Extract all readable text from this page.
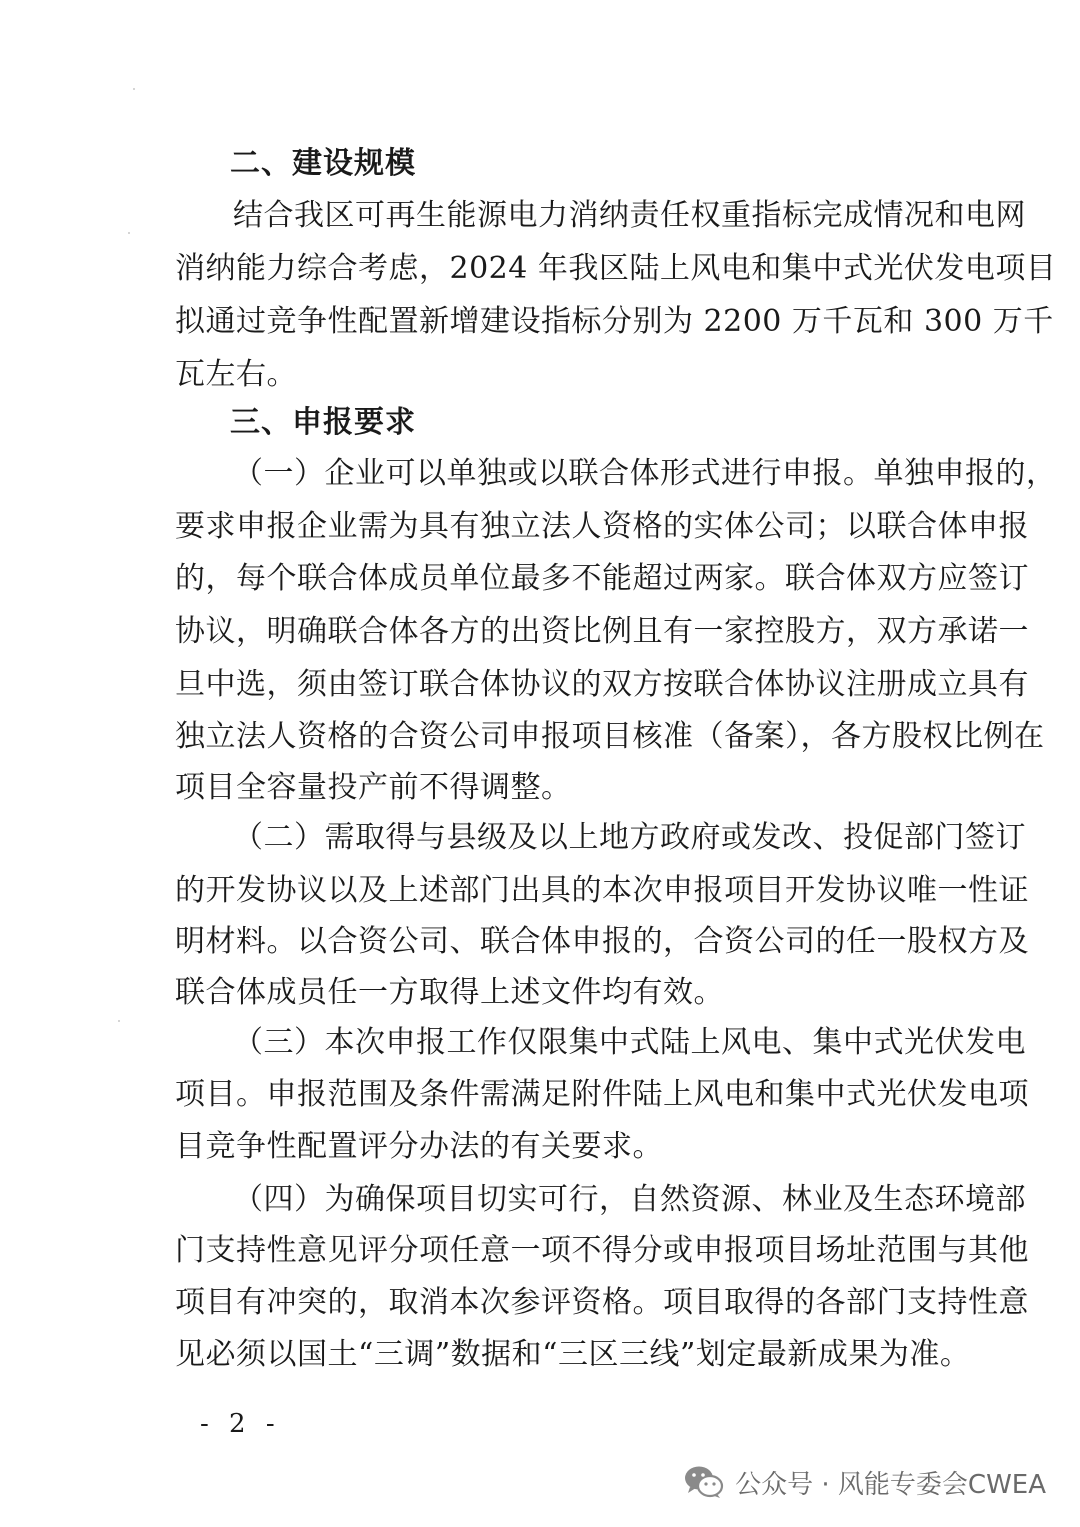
二、建设规模
结合我区可再生能源电力消纳责任权重指标完成情况和电网
消纳能力综合考虑，2024 年我区陆上风电和集中式光伏发电项目
拟通过竞争性配置新增建设指标分别为 2200 万千瓦和 300 万千
瓦左右。
三、申报要求
（一）企业可以单独或以联合体形式进行申报。单独申报的，
要求申报企业需为具有独立法人资格的实体公司；以联合体申报
的，每个联合体成员单位最多不能超过两家。联合体双方应签订
协议，明确联合体各方的出资比例且有一家控股方，双方承诺一
旦中选，须由签订联合体协议的双方按联合体协议注册成立具有
独立法人资格的合资公司申报项目核准（备案），各方股权比例在
项目全容量投产前不得调整。
（二）需取得与县级及以上地方政府或发改、投促部门签订
的开发协议以及上述部门出具的本次申报项目开发协议唯一性证
明材料。以合资公司、联合体申报的，合资公司的任一股权方及
联合体成员任一方取得上述文件均有效。
（三）本次申报工作仅限集中式陆上风电、集中式光伏发电
项目。申报范围及条件需满足附件陆上风电和集中式光伏发电项
目竞争性配置评分办法的有关要求。
（四）为确保项目切实可行，自然资源、林业及生态环境部
门支持性意见评分项任意一项不得分或申报项目场址范围与其他
项目有冲突的，取消本次参评资格。项目取得的各部门支持性意
见必须以国土“三调”数据和“三区三线”划定最新成果为准。
- 2 -
公众号 · 风能专委会CWEA
